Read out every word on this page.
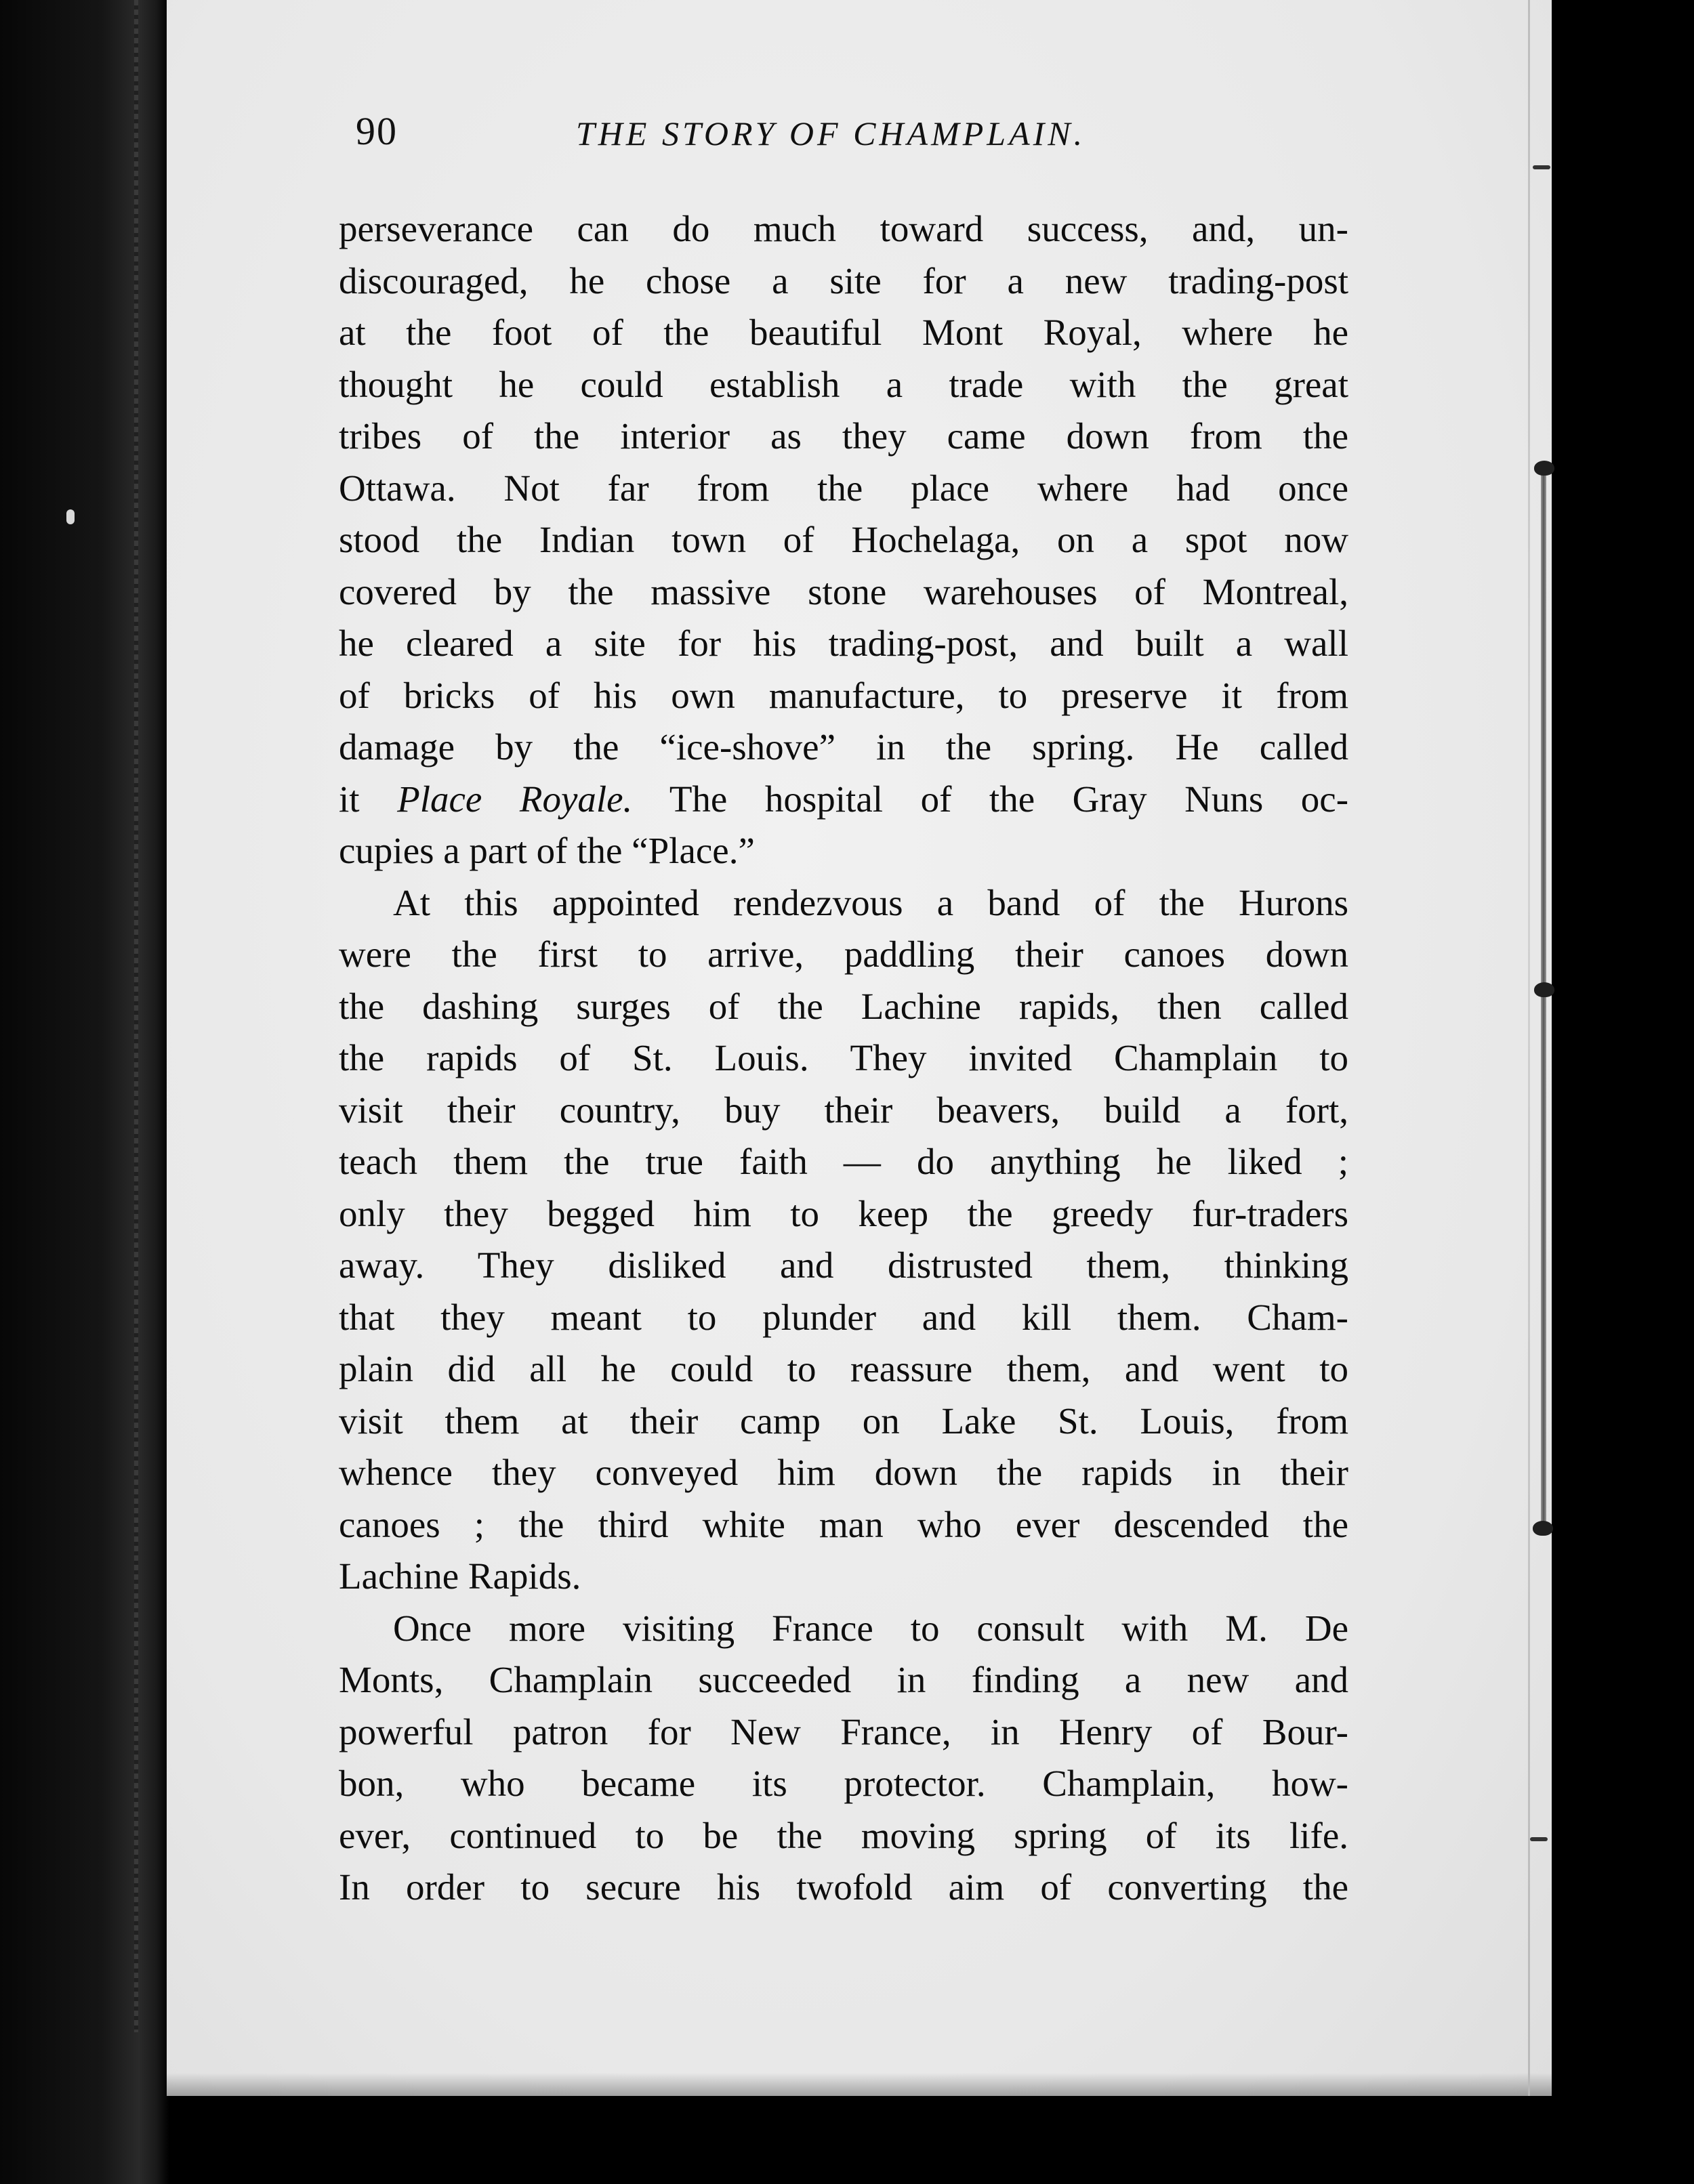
90	THE STORY OF CHAMPLAIN.
perseverance can do much toward success, and, un-
discouraged, he chose a site for a new trading-post
at the foot of the beautiful Mont Royal, where he
thought he could establish a trade with the great
tribes of the interior as they came down from the
Ottawa. Not far from the place where had once
stood the Indian town of Hochelaga, on a spot now
covered by the massive stone warehouses of Montreal,
he cleared a site for his trading-post, and built a wall
of bricks of his own manufacture, to preserve it from
damage by the “ice-shove” in the spring. He called
it Place Royale. The hospital of the Gray Nuns oc-
cupies a part of the “Place.”
At this appointed rendezvous a band of the Hurons
were the first to arrive, paddling their canoes down
the dashing surges of the Lachine rapids, then called
the rapids of St. Louis. They invited Champlain to
visit their country, buy their beavers, build a fort,
teach them the true faith — do anything he liked ;
only they begged him to keep the greedy fur-traders
away. They disliked and distrusted them, thinking
that they meant to plunder and kill them. Cham-
plain did all he could to reassure them, and went to
visit them at their camp on Lake St. Louis, from
whence they conveyed him down the rapids in their
canoes ; the third white man who ever descended the
Lachine Rapids.
Once more visiting France to consult with M. De
Monts, Champlain succeeded in finding a new and
powerful patron for New France, in Henry of Bour-
bon, who became its protector. Champlain, how-
ever, continued to be the moving spring of its life.
In order to secure his twofold aim of converting the
